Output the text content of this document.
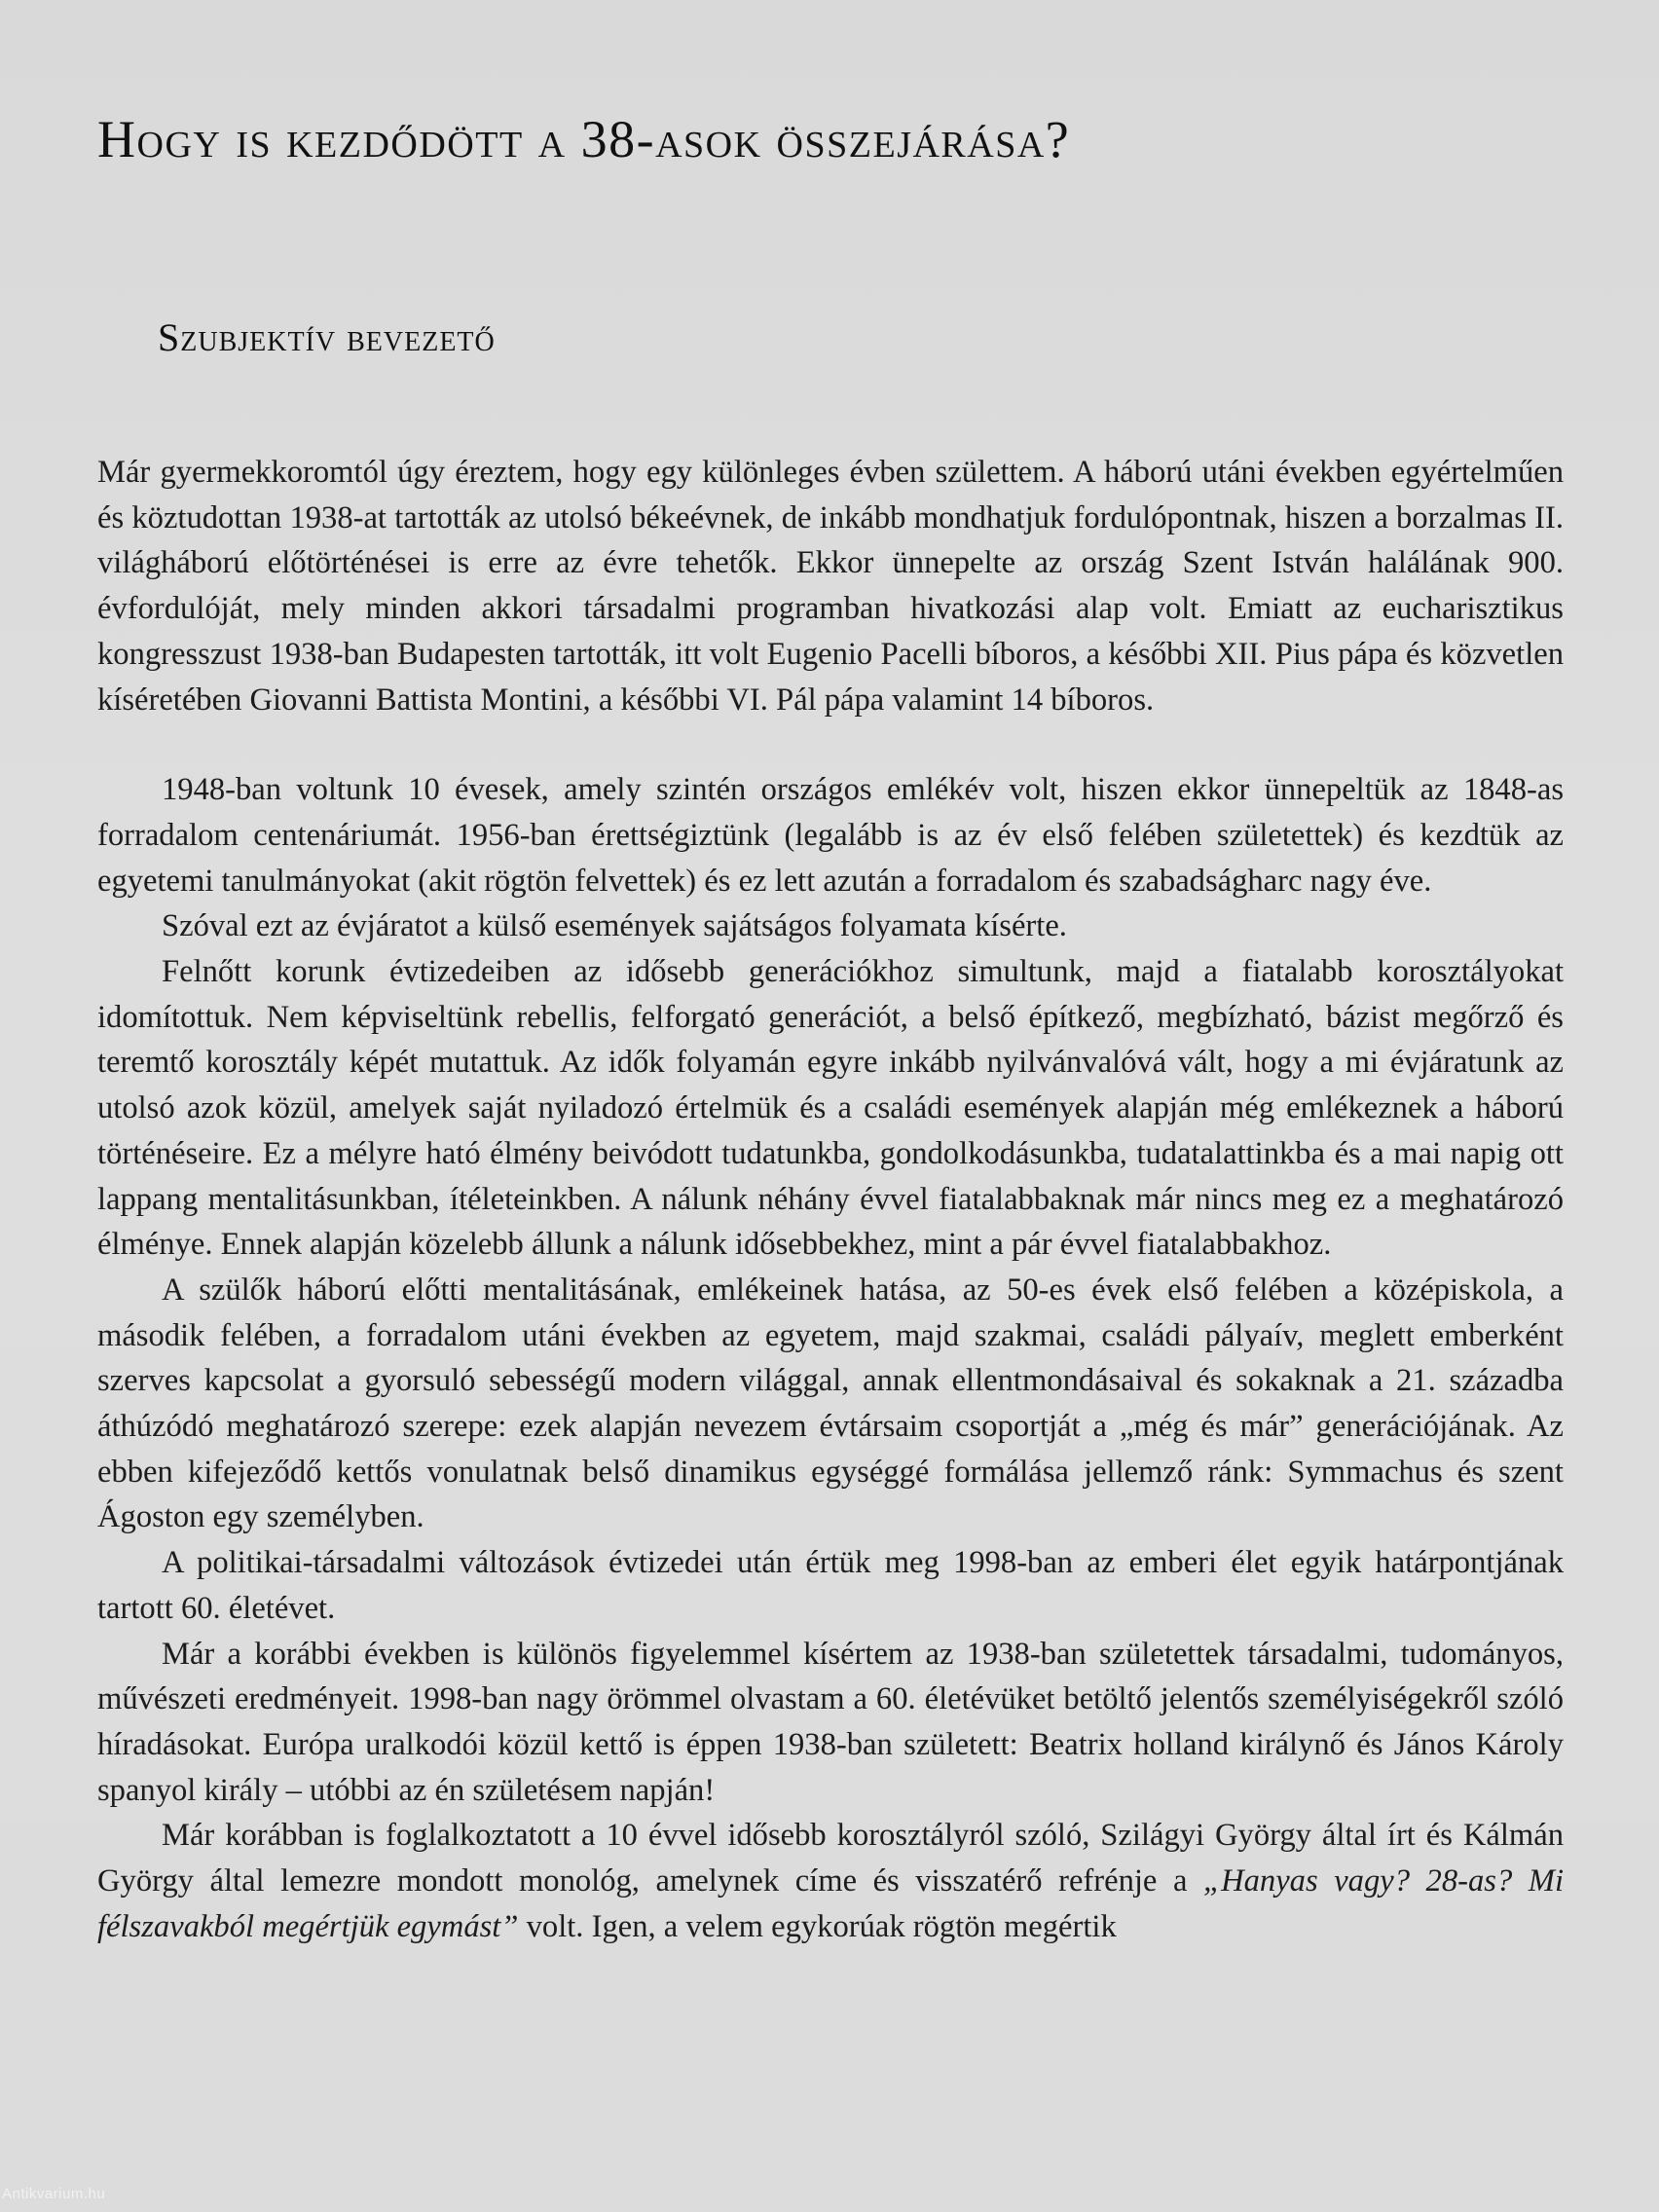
Hogy is kezdődött a 38-asok összejárása?
Szubjektív bevezető

Már gyermekkoromtól úgy éreztem, hogy egy különleges évben születtem. A háború utáni években egyértelműen és köztudottan 1938-at tartották az utolsó békeévnek, de inkább mondhatjuk fordulópontnak, hiszen a borzalmas II. világháború előtörténései is erre az évre tehetők. Ekkor ünnepelte az ország Szent István halálának 900. évfordulóját, mely minden akkori társadalmi programban hivatkozási alap volt. Emiatt az eucharisztikus kongresszust 1938-ban Budapesten tartották, itt volt Eugenio Pacelli bíboros, a későbbi XII. Pius pápa és közvetlen kíséretében Giovanni Battista Montini, a későbbi VI. Pál pápa valamint 14 bíboros.

1948-ban voltunk 10 évesek, amely szintén országos emlékév volt, hiszen ekkor ünnepeltük az 1848-as forradalom centenáriumát. 1956-ban érettségiztünk (legalább is az év első felében születettek) és kezdtük az egyetemi tanulmányokat (akit rögtön felvettek) és ez lett azután a forradalom és szabadságharc nagy éve.

Szóval ezt az évjáratot a külső események sajátságos folyamata kísérte.

Felnőtt korunk évtizedeiben az idősebb generációkhoz simultunk, majd a fiatalabb korosztályokat idomítottuk. Nem képviseltünk rebellis, felforgató generációt, a belső építkező, megbízható, bázist megőrző és teremtő korosztály képét mutattuk. Az idők folyamán egyre inkább nyilvánvalóvá vált, hogy a mi évjáratunk az utolsó azok közül, amelyek saját nyiladozó értelmük és a családi események alapján még emlékeznek a háború történéseire. Ez a mélyre ható élmény beivódott tudatunkba, gondolkodásunkba, tudatalattinkba és a mai napig ott lappang mentalitásunkban, ítéleteinkben. A nálunk néhány évvel fiatalabbaknak már nincs meg ez a meghatározó élménye. Ennek alapján közelebb állunk a nálunk idősebbekhez, mint a pár évvel fiatalabbakhoz.

A szülők háború előtti mentalitásának, emlékeinek hatása, az 50-es évek első felében a középiskola, a második felében, a forradalom utáni években az egyetem, majd szakmai, családi pályaív, meglett emberként szerves kapcsolat a gyorsuló sebességű modern világgal, annak ellentmondásaival és sokaknak a 21. századba áthúzódó meghatározó szerepe: ezek alapján nevezem évtársaim csoportját a „még és már” generációjának. Az ebben kifejeződő kettős vonulatnak belső dinamikus egységgé formálása jellemző ránk: Symmachus és szent Ágoston egy személyben.

A politikai-társadalmi változások évtizedei után értük meg 1998-ban az emberi élet egyik határpontjának tartott 60. életévet.

Már a korábbi években is különös figyelemmel kísértem az 1938-ban születettek társadalmi, tudományos, művészeti eredményeit. 1998-ban nagy örömmel olvastam a 60. életévüket betöltő jelentős személyiségekről szóló híradásokat. Európa uralkodói közül kettő is éppen 1938-ban született: Beatrix holland királynő és János Károly spanyol király – utóbbi az én születésem napján!

Már korábban is foglalkoztatott a 10 évvel idősebb korosztályról szóló, Szilágyi György által írt és Kálmán György által lemezre mondott monológ, amelynek címe és visszatérő refrénje a „Hanyas vagy? 28-as? Mi félszavakból megértjük egymást” volt. Igen, a velem egykorúak rögtön megértik

Antikvarium.hu
